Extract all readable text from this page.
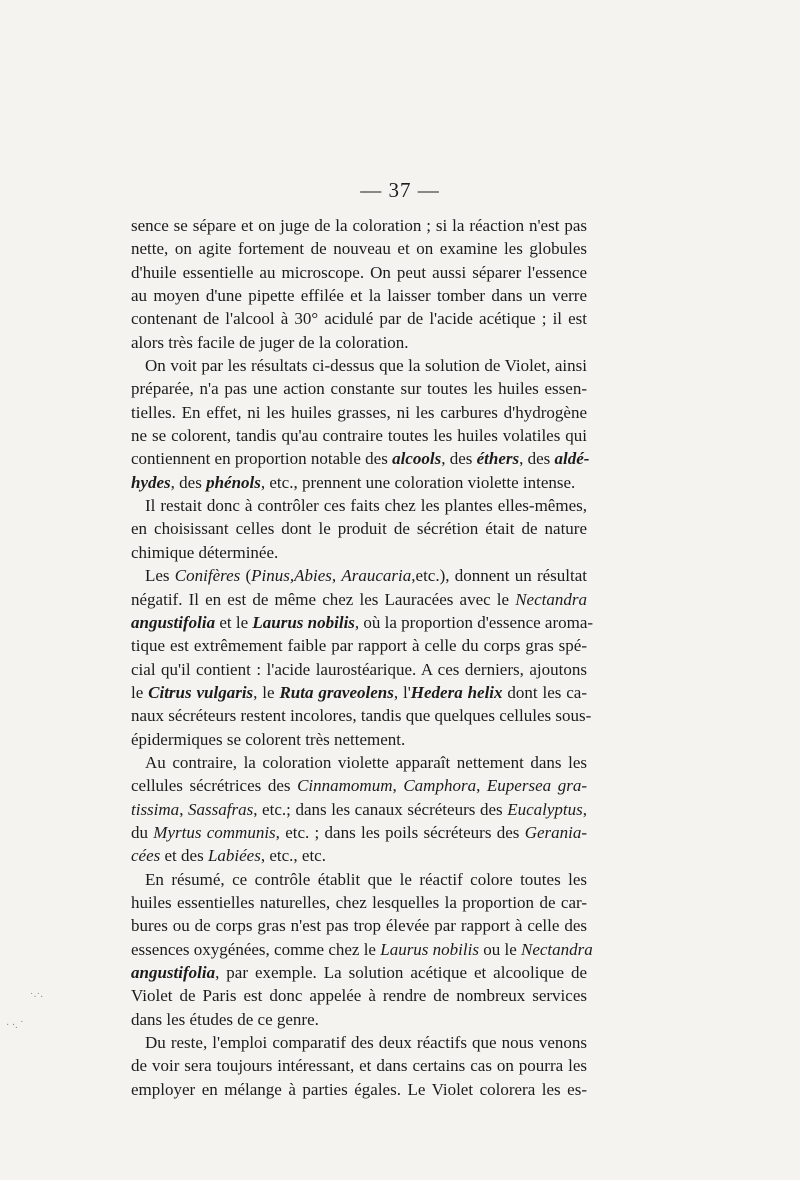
— 37 —
sence se sépare et on juge de la coloration ; si la réaction n'est pas
nette, on agite fortement de nouveau et on examine les globules
d'huile essentielle au microscope. On peut aussi séparer l'essence
au moyen d'une pipette effilée et la laisser tomber dans un verre
contenant de l'alcool à 30° acidulé par de l'acide acétique ; il est
alors très facile de juger de la coloration.
On voit par les résultats ci-dessus que la solution de Violet, ainsi
préparée, n'a pas une action constante sur toutes les huiles essen-
tielles. En effet, ni les huiles grasses, ni les carbures d'hydrogène
ne se colorent, tandis qu'au contraire toutes les huiles volatiles qui
contiennent en proportion notable des alcools, des éthers, des aldé-
hydes, des phénols, etc., prennent une coloration violette intense.
Il restait donc à contrôler ces faits chez les plantes elles-mêmes,
en choisissant celles dont le produit de sécrétion était de nature
chimique déterminée.
Les Conifères (Pinus,Abies, Araucaria,etc.), donnent un résultat
négatif. Il en est de même chez les Lauracées avec le Nectandra
angustifolia et le Laurus nobilis, où la proportion d'essence aroma-
tique est extrêmement faible par rapport à celle du corps gras spé-
cial qu'il contient : l'acide laurostéarique. A ces derniers, ajoutons
le Citrus vulgaris, le Ruta graveolens, l'Hedera helix dont les ca-
naux sécréteurs restent incolores, tandis que quelques cellules sous-
épidermiques se colorent très nettement.
Au contraire, la coloration violette apparaît nettement dans les
cellules sécrétrices des Cinnamomum, Camphora, Eupersea gra-
tissima, Sassafras, etc.; dans les canaux sécréteurs des Eucalyptus,
du Myrtus communis, etc. ; dans les poils sécréteurs des Gerania-
cées et des Labiées, etc., etc.
En résumé, ce contrôle établit que le réactif colore toutes les
huiles essentielles naturelles, chez lesquelles la proportion de car-
bures ou de corps gras n'est pas trop élevée par rapport à celle des
essences oxygénées, comme chez le Laurus nobilis ou le Nectandra
angustifolia, par exemple. La solution acétique et alcoolique de
Violet de Paris est donc appelée à rendre de nombreux services
dans les études de ce genre.
Du reste, l'emploi comparatif des deux réactifs que nous venons
de voir sera toujours intéressant, et dans certains cas on pourra les
employer en mélange à parties égales. Le Violet colorera les es-
˙·˙·
· ·. ˙
